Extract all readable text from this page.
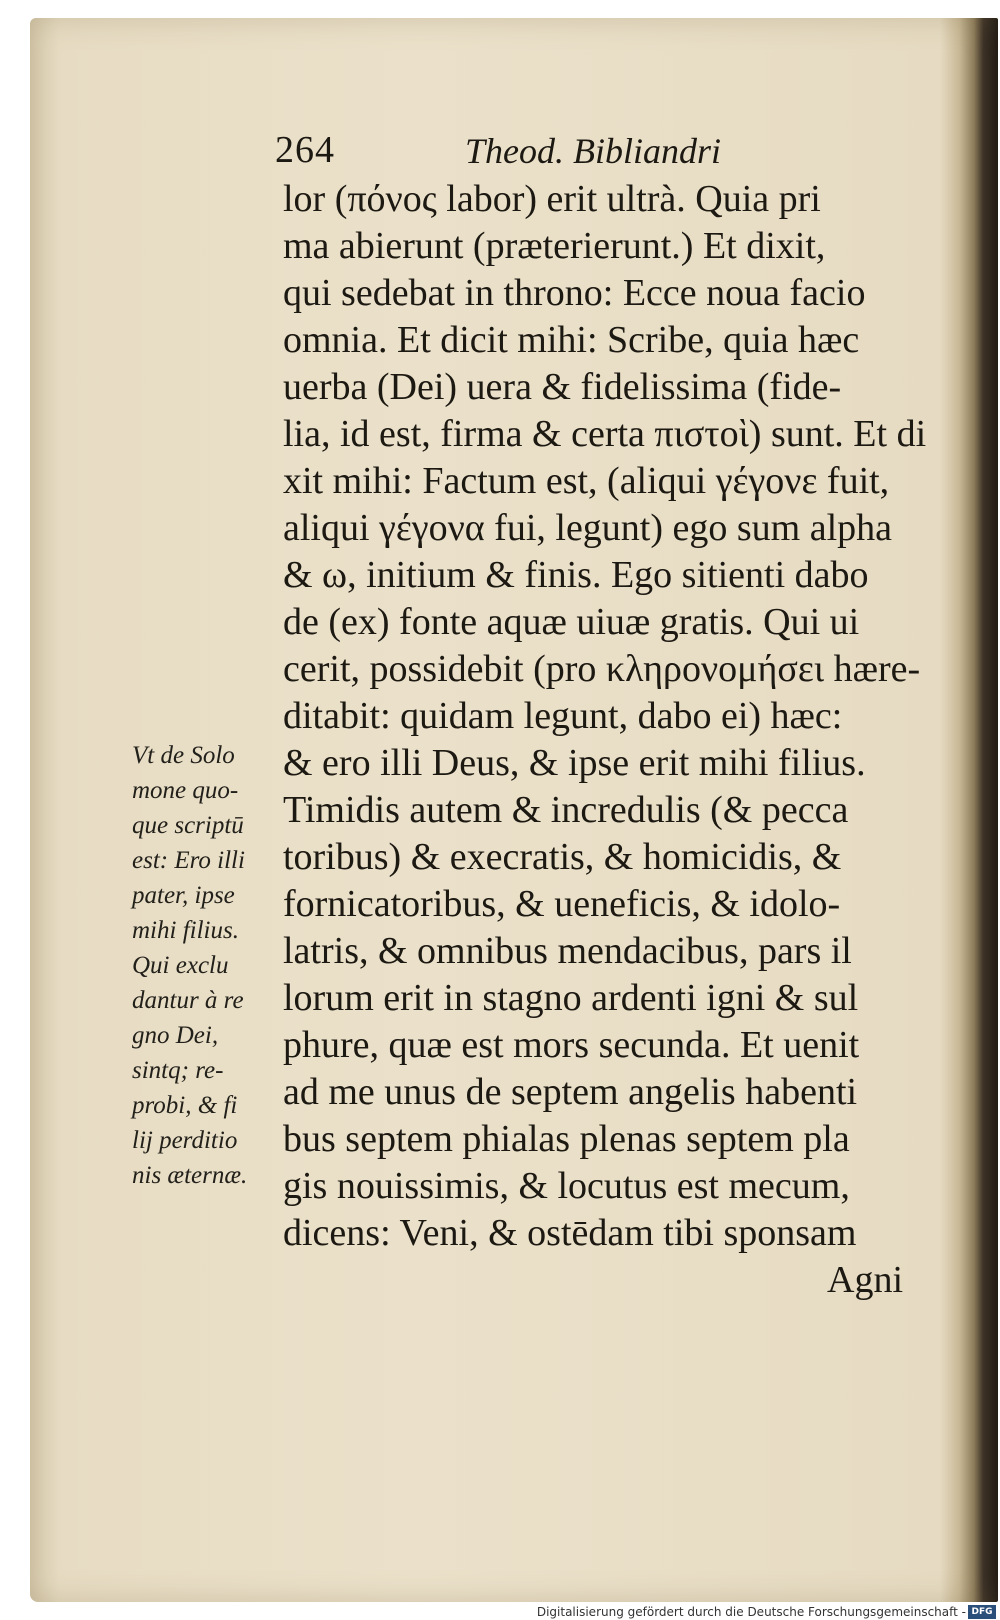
264	Theod. Bibliandri
lor (πόνος labor) erit ultrà. Quia pri
ma abierunt (præterierunt.) Et dixit,
qui sedebat in throno: Ecce noua facio
omnia. Et dicit mihi: Scribe, quia hæc
uerba (Dei) uera & fidelissima (fide-
lia, id est, firma & certa πιστοὶ) sunt. Et di
xit mihi: Factum est, (aliqui γέγονε fuit,
aliqui γέγονα fui, legunt) ego sum alpha
& ω, initium & finis. Ego sitienti dabo
de (ex) fonte aquæ uiuæ gratis. Qui ui
cerit, possidebit (pro κληρονομήσει hære-
ditabit: quidam legunt, dabo ei) hæc:
& ero illi Deus, & ipse erit mihi filius.
Timidis autem & incredulis (& pecca
toribus) & execratis, & homicidis, &
fornicatoribus, & ueneficis, & idolo-
latris, & omnibus mendacibus, pars il
lorum erit in stagno ardenti igni & sul
phure, quæ est mors secunda. Et uenit
ad me unus de septem angelis habenti
bus septem phialas plenas septem pla
gis nouissimis, & locutus est mecum,
dicens: Veni, & ostēdam tibi sponsam
Agni
Vt de Solo
mone quo-
que scriptū
est: Ero illi
pater, ipse
mihi filius.
Qui exclu
dantur à re
gno Dei,
sintq; re-
probi, & fi
lij perditio
nis æternæ.
Digitalisierung gefördert durch die Deutsche Forschungsgemeinschaft - DFG
